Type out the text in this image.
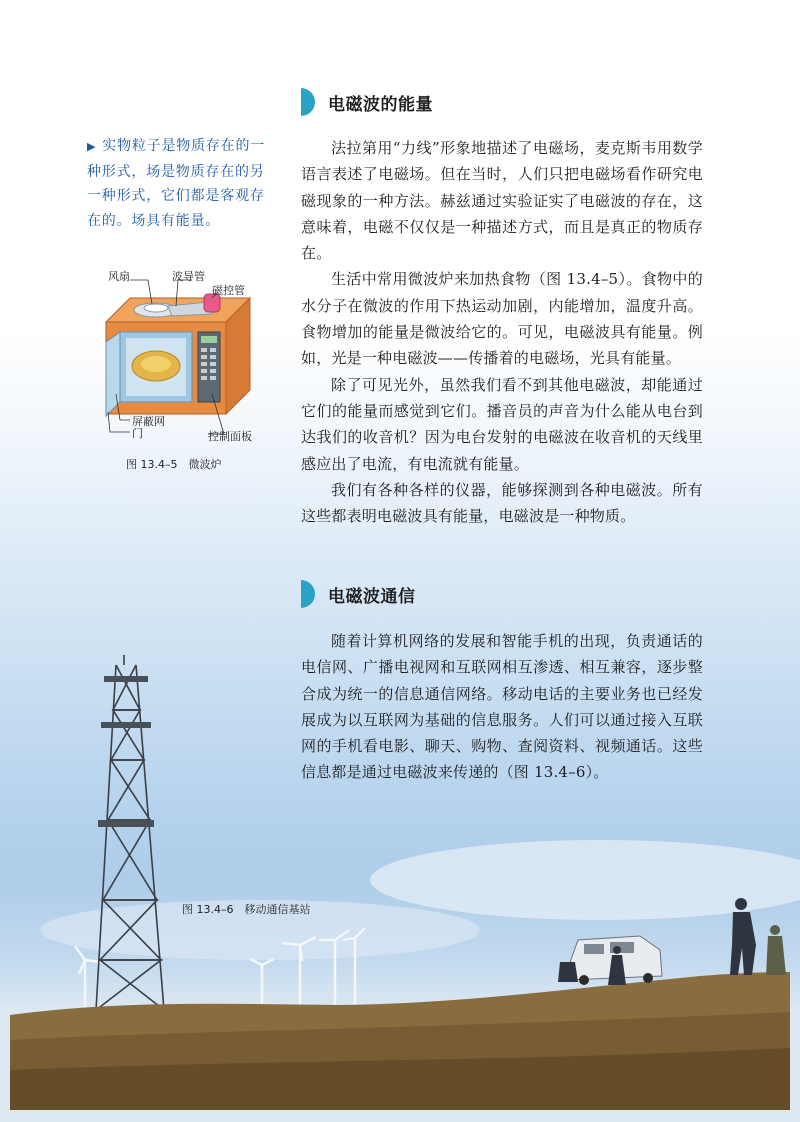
电磁波的能量

法拉第用“力线”形象地描述了电磁场，麦克斯韦用数学语言表述了电磁场。但在当时，人们只把电磁场看作研究电磁现象的一种方法。赫兹通过实验证实了电磁波的存在，这意味着，电磁不仅仅是一种描述方式，而且是真正的物质存在。

生活中常用微波炉来加热食物（图 13.4–5）。食物中的水分子在微波的作用下热运动加剧，内能增加，温度升高。食物增加的能量是微波给它的。可见，电磁波具有能量。例如，光是一种电磁波——传播着的电磁场，光具有能量。

除了可见光外，虽然我们看不到其他电磁波，却能通过它们的能量而感觉到它们。播音员的声音为什么能从电台到达我们的收音机？因为电台发射的电磁波在收音机的天线里感应出了电流，有电流就有能量。

我们有各种各样的仪器，能够探测到各种电磁波。所有这些都表明电磁波具有能量，电磁波是一种物质。

电磁波通信

随着计算机网络的发展和智能手机的出现，负责通话的电信网、广播电视网和互联网相互渗透、相互兼容，逐步整合成为统一的信息通信网络。移动电话的主要业务也已经发展成为以互联网为基础的信息服务。人们可以通过接入互联网的手机看电影、聊天、购物、查阅资料、视频通话。这些信息都是通过电磁波来传递的（图 13.4–6）。

▶ 实物粒子是物质存在的一种形式，场是物质存在的另一种形式，它们都是客观存在的。场具有能量。
风扇	波导管
磁控管
屏蔽网
门	控制面板
图 13.4–5　微波炉
图 13.4–6　移动通信基站
